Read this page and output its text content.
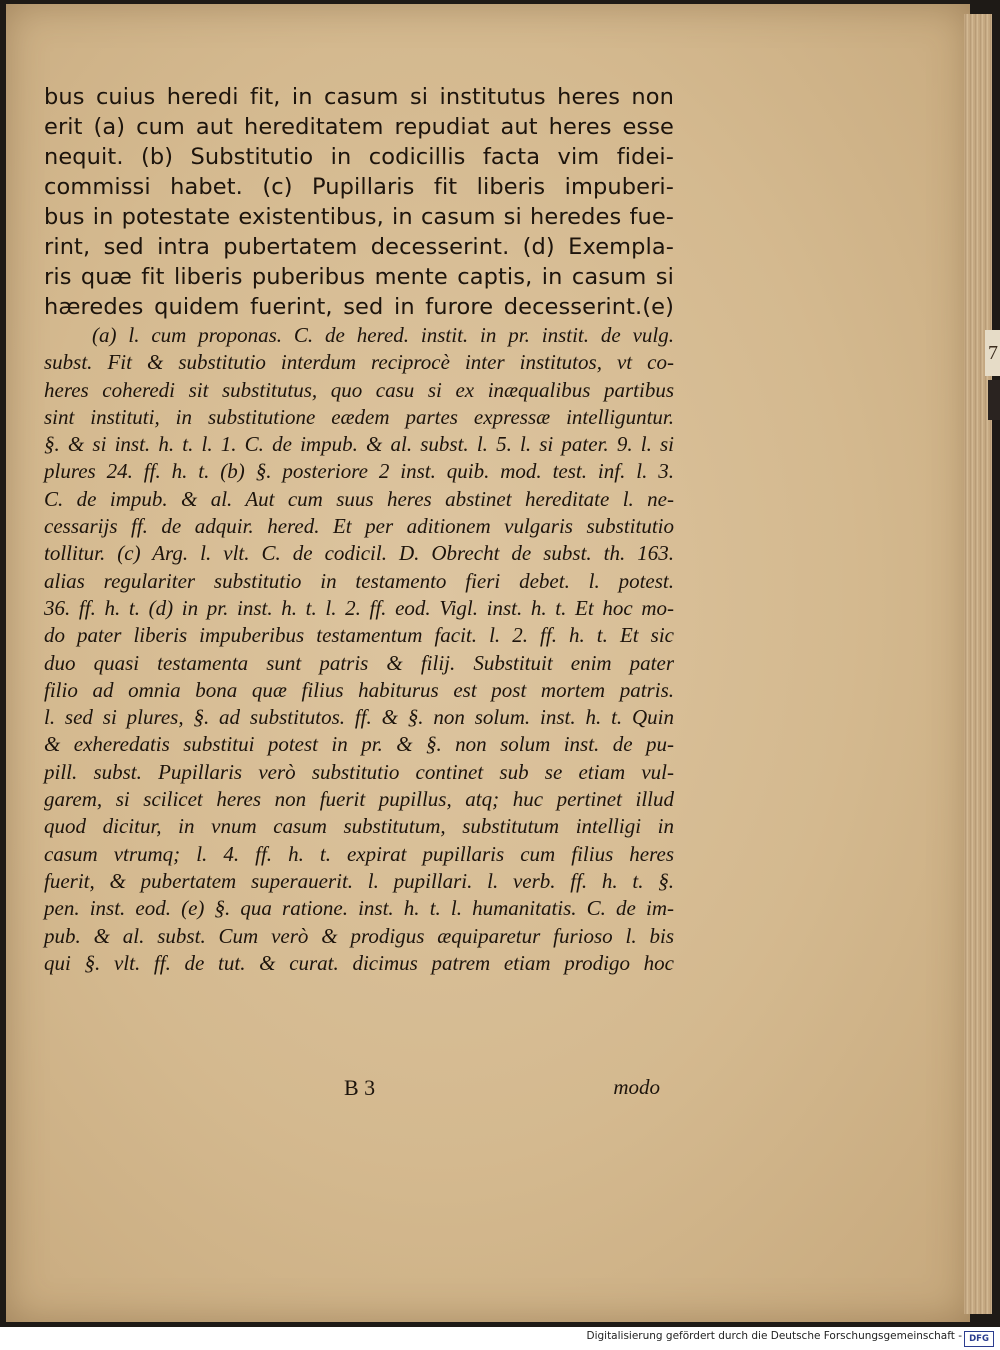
7
bus cuius heredi fit, in casum si institutus heres non
erit (a) cum aut hereditatem repudiat aut heres esse
nequit. (b) Substitutio in codicillis facta vim fidei-
commissi habet. (c) Pupillaris fit liberis impuberi-
bus in potestate existentibus, in casum si heredes fue-
rint, sed intra pubertatem decesserint. (d) Exempla-
ris quæ fit liberis puberibus mente captis, in casum si
hæredes quidem fuerint, sed in furore decesserint.(e)
(a) l. cum proponas. C. de hered. instit. in pr. instit. de vulg.
subst. Fit & substitutio interdum reciprocè inter institutos, vt co-
heres coheredi sit substitutus, quo casu si ex inæqualibus partibus
sint instituti, in substitutione eædem partes expressæ intelliguntur.
§. & si inst. h. t. l. 1. C. de impub. & al. subst. l. 5. l. si pater. 9. l. si
plures 24. ff. h. t. (b) §. posteriore 2 inst. quib. mod. test. inf. l. 3.
C. de impub. & al. Aut cum suus heres abstinet hereditate l. ne-
cessarijs ff. de adquir. hered. Et per aditionem vulgaris substitutio
tollitur. (c) Arg. l. vlt. C. de codicil. D. Obrecht de subst. th. 163.
alias regulariter substitutio in testamento fieri debet. l. potest.
36. ff. h. t. (d) in pr. inst. h. t. l. 2. ff. eod. Vigl. inst. h. t. Et hoc mo-
do pater liberis impuberibus testamentum facit. l. 2. ff. h. t. Et sic
duo quasi testamenta sunt patris & filij. Substituit enim pater
filio ad omnia bona quæ filius habiturus est post mortem patris.
l. sed si plures, §. ad substitutos. ff. & §. non solum. inst. h. t. Quin
& exheredatis substitui potest in pr. & §. non solum inst. de pu-
pill. subst. Pupillaris verò substitutio continet sub se etiam vul-
garem, si scilicet heres non fuerit pupillus, atq; huc pertinet illud
quod dicitur, in vnum casum substitutum, substitutum intelligi in
casum vtrumq; l. 4. ff. h. t. expirat pupillaris cum filius heres
fuerit, & pubertatem superauerit. l. pupillari. l. verb. ff. h. t. §.
pen. inst. eod. (e) §. qua ratione. inst. h. t. l. humanitatis. C. de im-
pub. & al. subst. Cum verò & prodigus æquiparetur furioso l. bis
qui §. vlt. ff. de tut. & curat. dicimus patrem etiam prodigo hoc
B 3	modo
Digitalisierung gefördert durch die Deutsche Forschungsgemeinschaft - DFG
